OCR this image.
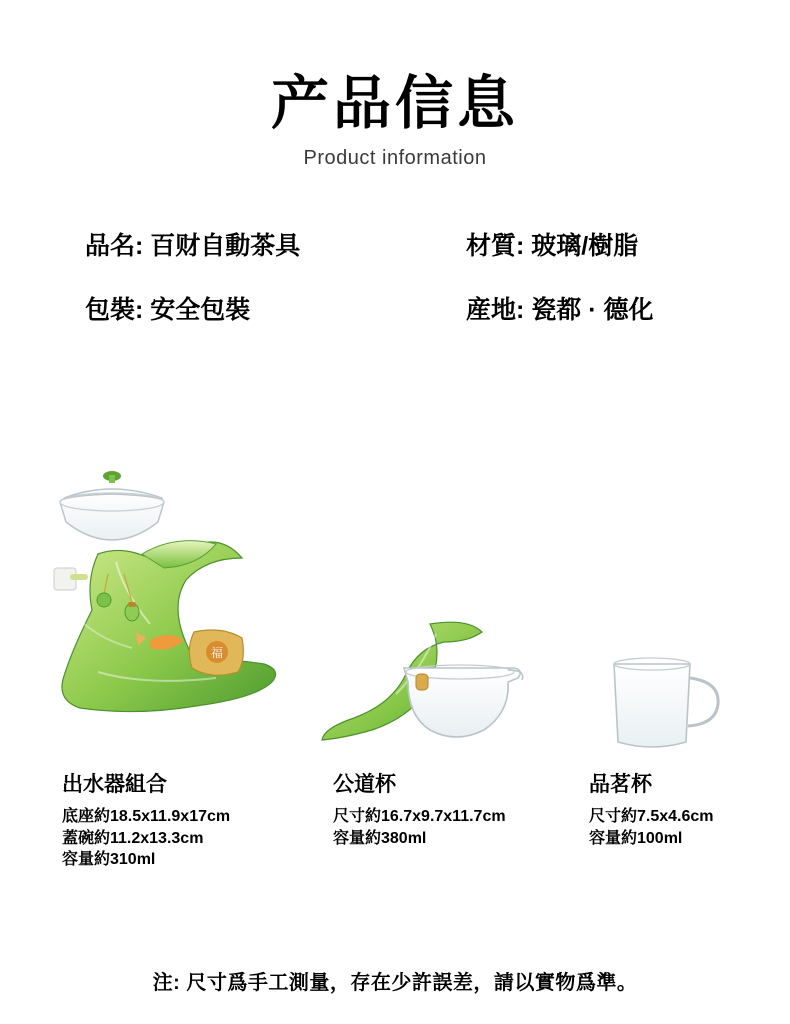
产品信息
Product information
品名: 百财自動茶具	材質: 玻璃/樹脂
包裝: 安全包裝	産地: 瓷都 · 德化
福
出水器組合
底座約18.5x11.9x17cm
蓋碗約11.2x13.3cm
容量約310ml
公道杯
尺寸約16.7x9.7x11.7cm
容量約380ml
品茗杯
尺寸約7.5x4.6cm
容量約100ml
注: 尺寸爲手工測量，存在少許誤差，請以實物爲準。
